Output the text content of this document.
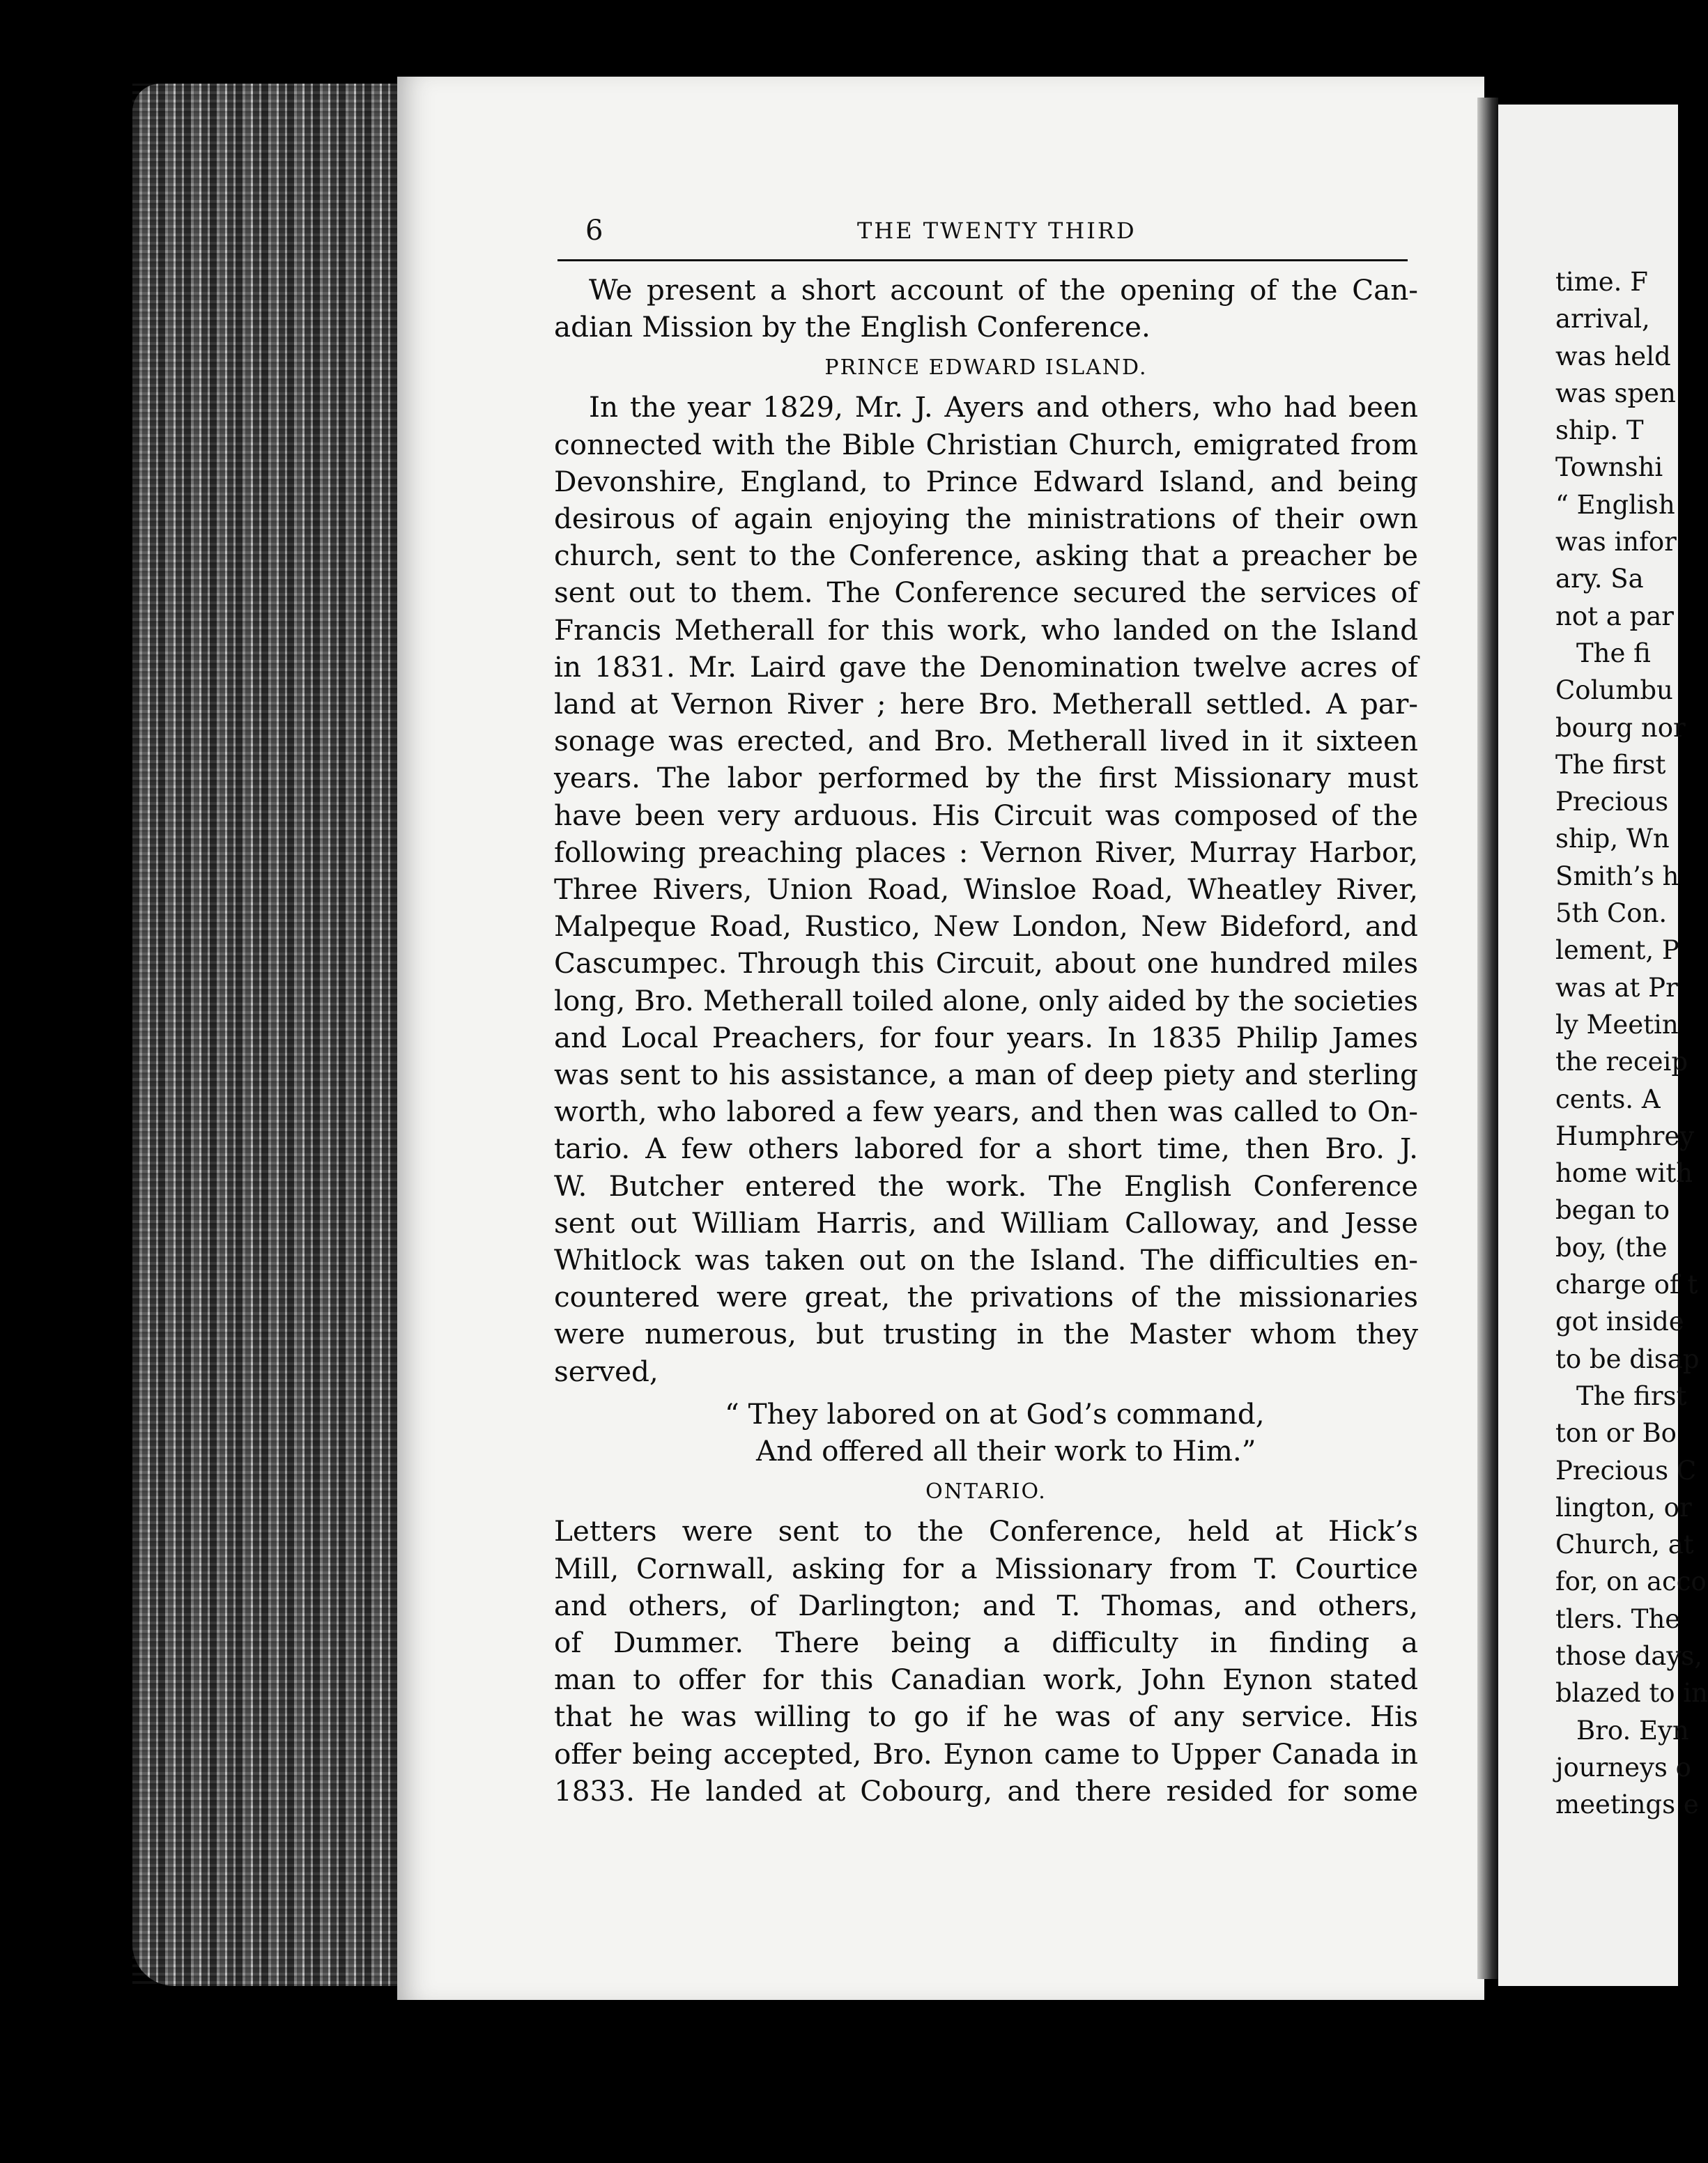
6	THE TWENTY THIRD
We present a short account of the opening of the Can-
adian Mission by the English Conference.
PRINCE EDWARD ISLAND.
In the year 1829, Mr. J. Ayers and others, who had been
connected with the Bible Christian Church, emigrated from
Devonshire, England, to Prince Edward Island, and being
desirous of again enjoying the ministrations of their own
church, sent to the Conference, asking that a preacher be
sent out to them. The Conference secured the services of
Francis Metherall for this work, who landed on the Island
in 1831. Mr. Laird gave the Denomination twelve acres of
land at Vernon River ; here Bro. Metherall settled. A par-
sonage was erected, and Bro. Metherall lived in it sixteen
years. The labor performed by the first Missionary must
have been very arduous. His Circuit was composed of the
following preaching places : Vernon River, Murray Harbor,
Three Rivers, Union Road, Winsloe Road, Wheatley River,
Malpeque Road, Rustico, New London, New Bideford, and
Cascumpec. Through this Circuit, about one hundred miles
long, Bro. Metherall toiled alone, only aided by the societies
and Local Preachers, for four years. In 1835 Philip James
was sent to his assistance, a man of deep piety and sterling
worth, who labored a few years, and then was called to On-
tario. A few others labored for a short time, then Bro. J.
W. Butcher entered the work. The English Conference
sent out William Harris, and William Calloway, and Jesse
Whitlock was taken out on the Island. The difficulties en-
countered were great, the privations of the missionaries
were numerous, but trusting in the Master whom they
served,
“ They labored on at God’s command,
And offered all their work to Him.”
ONTARIO.
Letters were sent to the Conference, held at Hick’s
Mill, Cornwall, asking for a Missionary from T. Courtice
and others, of Darlington; and T. Thomas, and others,
of Dummer. There being a difficulty in finding a
man to offer for this Canadian work, John Eynon stated
that he was willing to go if he was of any service. His
offer being accepted, Bro. Eynon came to Upper Canada in
1833. He landed at Cobourg, and there resided for some
time. F
arrival,
was held
was spen
ship. T
Townshi
“ English
was infor
ary. Sa
not a par
The fi
Columbu
bourg nor
The first
Precious
ship, Wn
Smith’s h
5th Con.
lement, P
was at Pr
ly Meetin
the receip
cents. A
Humphrey
home with
began to
boy, (the
charge of t
got inside
to be disap
The first
ton or Bo
Precious C
lington, or
Church, at
for, on acco
tlers. The
those days,
blazed to in
Bro. Eyn
journeys o
meetings e
